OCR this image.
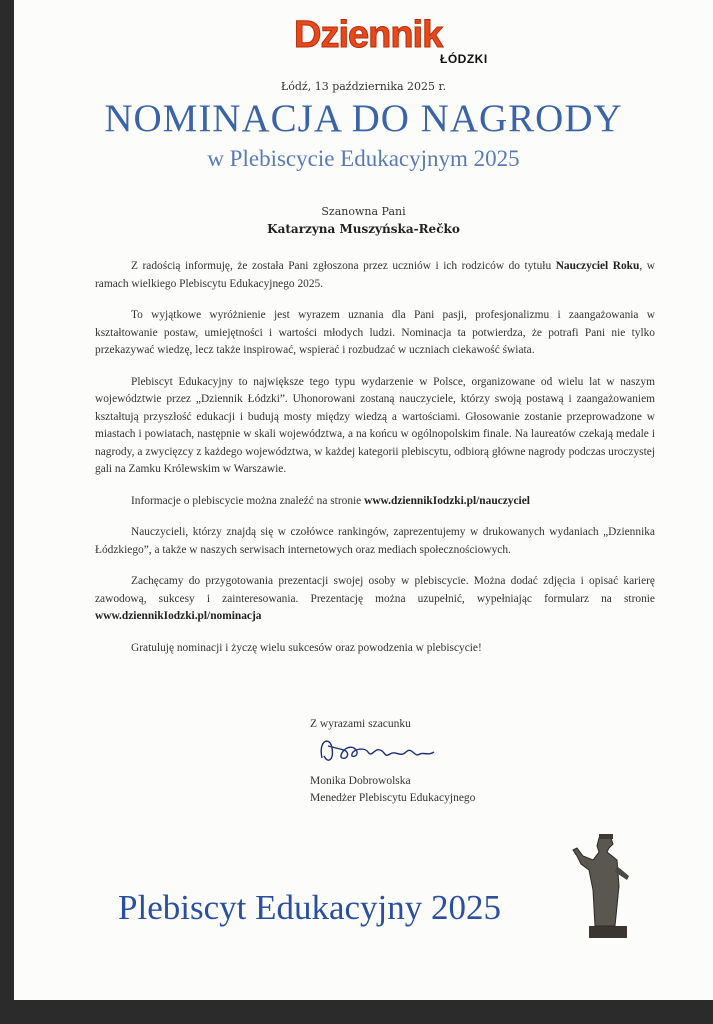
Dziennik
ŁÓDZKI
Łódź, 13 października 2025 r.
NOMINACJA DO NAGRODY
w Plebiscycie Edukacyjnym 2025
Szanowna Pani
Katarzyna Muszyńska-Rečko

Z radością informuję, że została Pani zgłoszona przez uczniów i ich rodziców do tytułu Nauczyciel Roku, w ramach wielkiego Plebiscytu Edukacyjnego 2025.

To wyjątkowe wyróżnienie jest wyrazem uznania dla Pani pasji, profesjonalizmu i zaangażowania w kształtowanie postaw, umiejętności i wartości młodych ludzi. Nominacja ta potwierdza, że potrafi Pani nie tylko przekazywać wiedzę, lecz także inspirować, wspierać i rozbudzać w uczniach ciekawość świata.

Plebiscyt Edukacyjny to największe tego typu wydarzenie w Polsce, organizowane od wielu lat w naszym województwie przez „Dziennik Łódzki”. Uhonorowani zostaną nauczyciele, którzy swoją postawą i zaangażowaniem kształtują przyszłość edukacji i budują mosty między wiedzą a wartościami. Głosowanie zostanie przeprowadzone w miastach i powiatach, następnie w skali województwa, a na końcu w ogólnopolskim finale. Na laureatów czekają medale i nagrody, a zwycięzcy z każdego województwa, w każdej kategorii plebiscytu, odbiorą główne nagrody podczas uroczystej gali na Zamku Królewskim w Warszawie.

Informacje o plebiscycie można znaleźć na stronie www.dziennikIodzki.pl/nauczyciel

Nauczycieli, którzy znajdą się w czołówce rankingów, zaprezentujemy w drukowanych wydaniach „Dziennika Łódzkiego”, a także w naszych serwisach internetowych oraz mediach społecznościowych.

Zachęcamy do przygotowania prezentacji swojej osoby w plebiscycie. Można dodać zdjęcia i opisać karierę zawodową, sukcesy i zainteresowania. Prezentację można uzupełnić, wypełniając formularz na stronie www.dziennikIodzki.pl/nominacja

Gratuluję nominacji i życzę wielu sukcesów oraz powodzenia w plebiscycie!

Z wyrazami szacunku
Monika Dobrowolska
Menedżer Plebiscytu Edukacyjnego
Plebiscyt Edukacyjny 2025
